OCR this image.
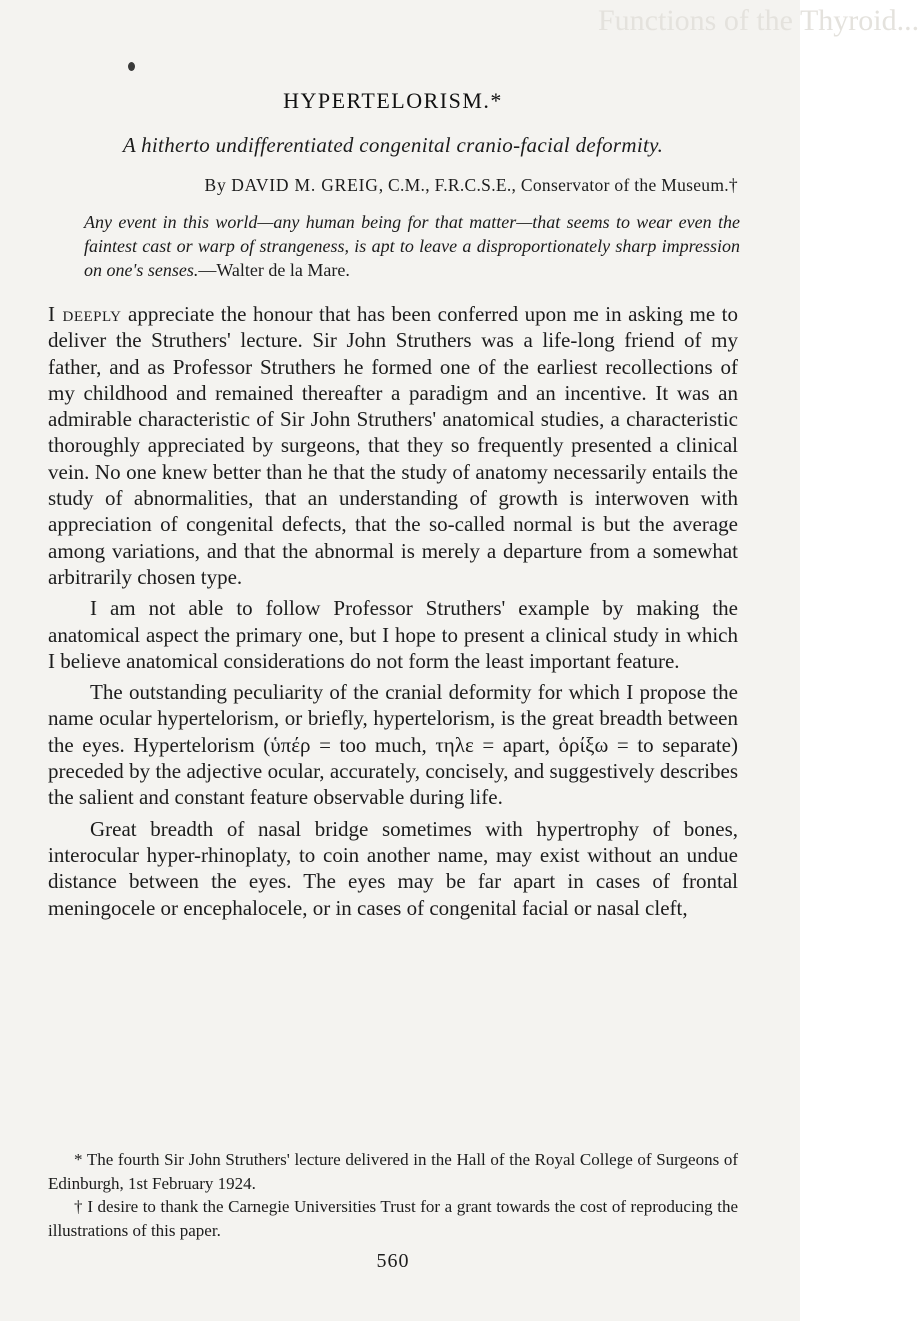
Functions of the Thyroid...
HYPERTELORISM.*
A hitherto undifferentiated congenital cranio-facial deformity.
By DAVID M. GREIG, C.M., F.R.C.S.E., Conservator of the Museum.†
Any event in this world—any human being for that matter—that seems to wear even the faintest cast or warp of strangeness, is apt to leave a disproportionately sharp impression on one's senses.—Walter de la Mare.

I deeply appreciate the honour that has been conferred upon me in asking me to deliver the Struthers' lecture. Sir John Struthers was a life-long friend of my father, and as Professor Struthers he formed one of the earliest recollections of my childhood and remained thereafter a paradigm and an incentive. It was an admirable characteristic of Sir John Struthers' anatomical studies, a characteristic thoroughly appreciated by surgeons, that they so frequently presented a clinical vein. No one knew better than he that the study of anatomy necessarily entails the study of abnormalities, that an understanding of growth is interwoven with appreciation of congenital defects, that the so-called normal is but the average among variations, and that the abnormal is merely a departure from a somewhat arbitrarily chosen type.

I am not able to follow Professor Struthers' example by making the anatomical aspect the primary one, but I hope to present a clinical study in which I believe anatomical considerations do not form the least important feature.

The outstanding peculiarity of the cranial deformity for which I propose the name ocular hypertelorism, or briefly, hypertelorism, is the great breadth between the eyes. Hypertelorism (ὑπέρ = too much, τηλε = apart, ὁρίξω = to separate) preceded by the adjective ocular, accurately, concisely, and suggestively describes the salient and constant feature observable during life.

Great breadth of nasal bridge sometimes with hypertrophy of bones, interocular hyper-rhinoplaty, to coin another name, may exist without an undue distance between the eyes. The eyes may be far apart in cases of frontal meningocele or encephalocele, or in cases of congenital facial or nasal cleft,

* The fourth Sir John Struthers' lecture delivered in the Hall of the Royal College of Surgeons of Edinburgh, 1st February 1924.

† I desire to thank the Carnegie Universities Trust for a grant towards the cost of reproducing the illustrations of this paper.

560
